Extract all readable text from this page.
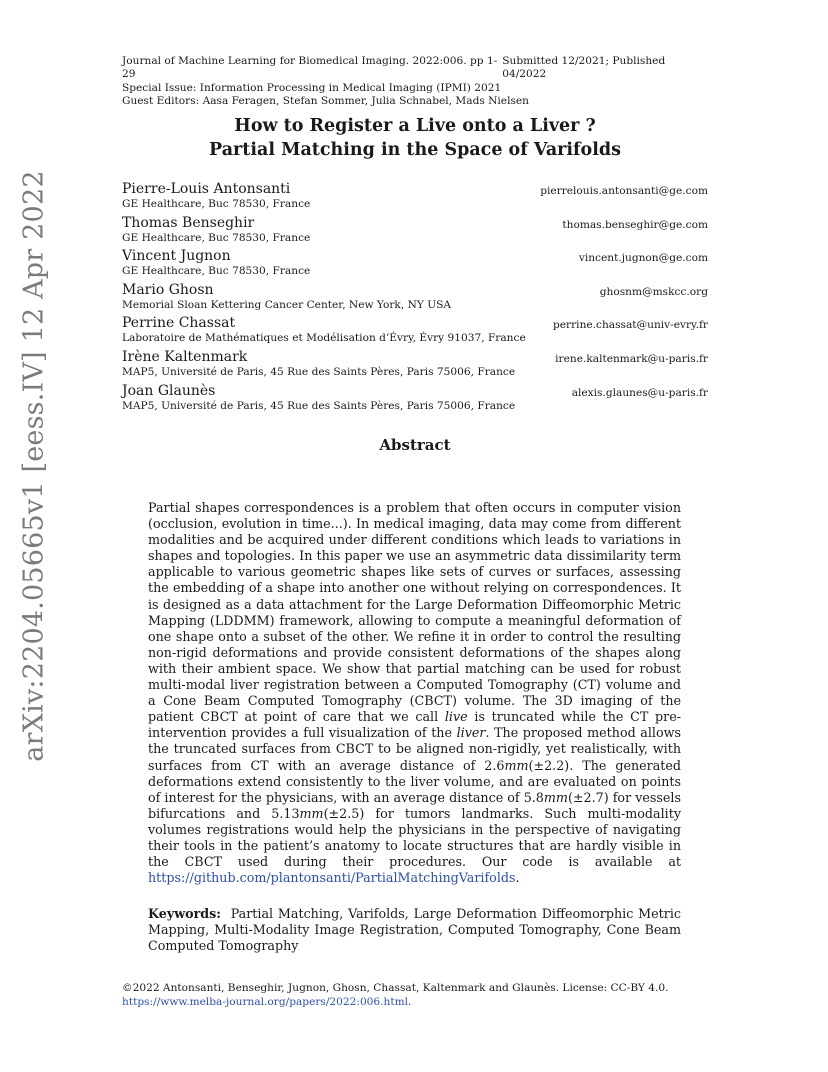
arXiv:2204.05665v1 [eess.IV] 12 Apr 2022
Journal of Machine Learning for Biomedical Imaging. 2022:006. pp 1-29
Submitted 12/2021; Published 04/2022
Special Issue: Information Processing in Medical Imaging (IPMI) 2021
Guest Editors: Aasa Feragen, Stefan Sommer, Julia Schnabel, Mads Nielsen
How to Register a Live onto a Liver ?
Partial Matching in the Space of Varifolds
Pierre-Louis Antonsanti
GE Healthcare, Buc 78530, France
pierrelouis.antonsanti@ge.com
Thomas Benseghir
GE Healthcare, Buc 78530, France
thomas.benseghir@ge.com
Vincent Jugnon
GE Healthcare, Buc 78530, France
vincent.jugnon@ge.com
Mario Ghosn
Memorial Sloan Kettering Cancer Center, New York, NY USA
ghosnm@mskcc.org
Perrine Chassat
Laboratoire de Mathématiques et Modélisation d’Évry, Évry 91037, France
perrine.chassat@univ-evry.fr
Irène Kaltenmark
MAP5, Université de Paris, 45 Rue des Saints Pères, Paris 75006, France
irene.kaltenmark@u-paris.fr
Joan Glaunès
MAP5, Université de Paris, 45 Rue des Saints Pères, Paris 75006, France
alexis.glaunes@u-paris.fr
Abstract
Partial shapes correspondences is a problem that often occurs in computer vision (occlusion, evolution in time...). In medical imaging, data may come from different modalities and be acquired under different conditions which leads to variations in shapes and topologies. In this paper we use an asymmetric data dissimilarity term applicable to various geometric shapes like sets of curves or surfaces, assessing the embedding of a shape into another one without relying on correspondences. It is designed as a data attachment for the Large Deformation Diffeomorphic Metric Mapping (LDDMM) framework, allowing to compute a meaningful deformation of one shape onto a subset of the other. We refine it in order to control the resulting non-rigid deformations and provide consistent deformations of the shapes along with their ambient space. We show that partial matching can be used for robust multi-modal liver registration between a Computed Tomography (CT) volume and a Cone Beam Computed Tomography (CBCT) volume. The 3D imaging of the patient CBCT at point of care that we call live is truncated while the CT pre-intervention provides a full visualization of the liver. The proposed method allows the truncated surfaces from CBCT to be aligned non-rigidly, yet realistically, with surfaces from CT with an average distance of 2.6mm(±2.2). The generated deformations extend consistently to the liver volume, and are evaluated on points of interest for the physicians, with an average distance of 5.8mm(±2.7) for vessels bifurcations and 5.13mm(±2.5) for tumors landmarks. Such multi-modality volumes registrations would help the physicians in the perspective of navigating their tools in the patient’s anatomy to locate structures that are hardly visible in the CBCT used during their procedures. Our code is available at https://github.com/plantonsanti/PartialMatchingVarifolds.
Keywords: Partial Matching, Varifolds, Large Deformation Diffeomorphic Metric Mapping, Multi-Modality Image Registration, Computed Tomography, Cone Beam Computed Tomography
©2022 Antonsanti, Benseghir, Jugnon, Ghosn, Chassat, Kaltenmark and Glaunès. License: CC-BY 4.0.
https://www.melba-journal.org/papers/2022:006.html.
